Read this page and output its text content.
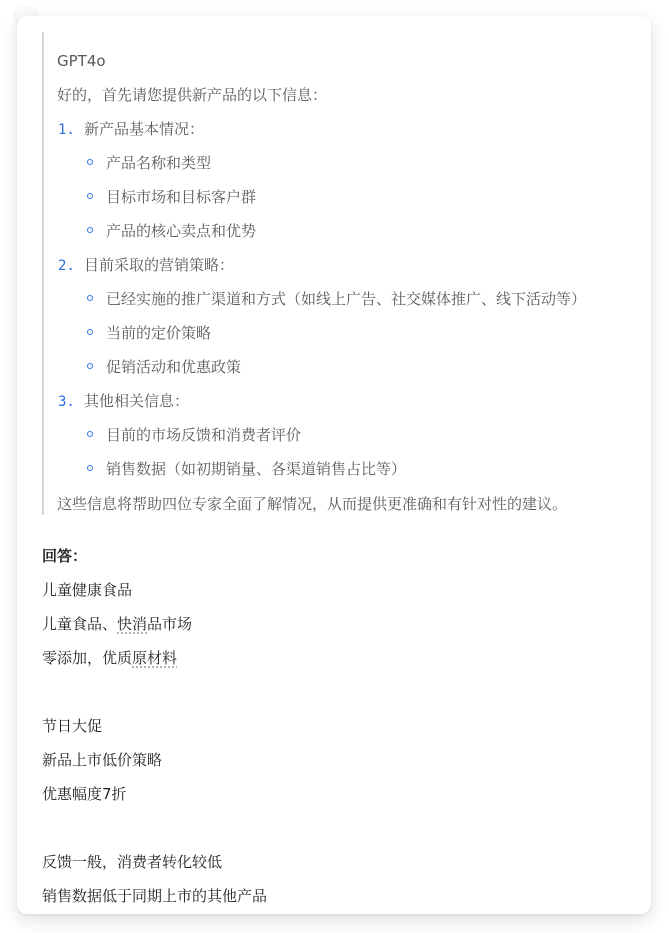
GPT4o
好的，首先请您提供新产品的以下信息：
1. 新产品基本情况：
产品名称和类型
目标市场和目标客户群
产品的核心卖点和优势
2. 目前采取的营销策略：
已经实施的推广渠道和方式（如线上广告、社交媒体推广、线下活动等）
当前的定价策略
促销活动和优惠政策
3. 其他相关信息：
目前的市场反馈和消费者评价
销售数据（如初期销量、各渠道销售占比等）
这些信息将帮助四位专家全面了解情况，从而提供更准确和有针对性的建议。
回答：
儿童健康食品
儿童食品、快消品市场
零添加，优质原材料
节日大促
新品上市低价策略
优惠幅度7折
反馈一般，消费者转化较低
销售数据低于同期上市的其他产品
